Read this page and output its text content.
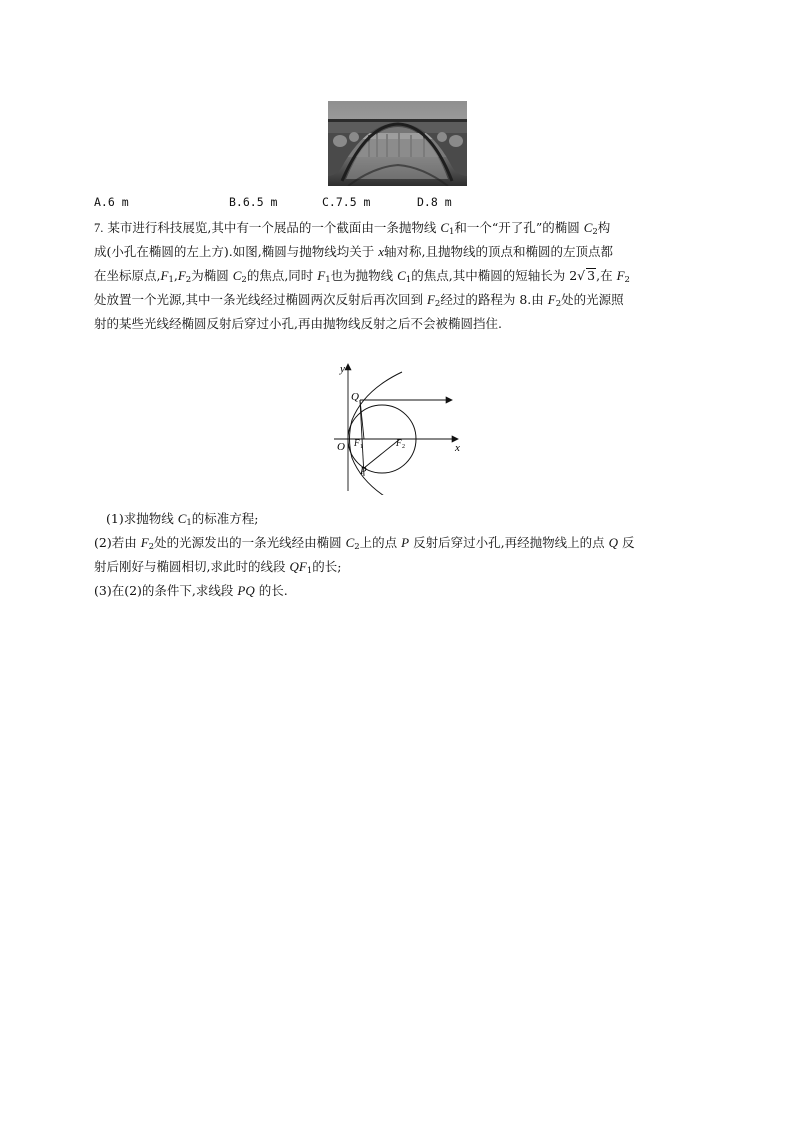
A.6 m	B.6.5 m	C.7.5 m	D.8 m

7. 某市进行科技展览,其中有一个展品的一个截面由一条抛物线 $C_1$和一个“开了孔”的椭圆 $C_2$构

成(小孔在椭圆的左上方).如图,椭圆与抛物线均关于 x轴对称,且抛物线的顶点和椭圆的左顶点都

在坐标原点$,F_1,F_2$为椭圆 $C_2$的焦点,同时 $F_1$也为抛物线 $C_1$的焦点,其中椭圆的短轴长为 2√ 3,在 $F_2$

处放置一个光源,其中一条光线经过椭圆两次反射后再次回到 $F_2$经过的路程为 8.由 $F_2$处的光源照

射的某些光线经椭圆反射后穿过小孔,再由抛物线反射之后不会被椭圆挡住.

y
x
O
Q
P
F 1	F 2

(1)求抛物线 $C_1$的标准方程;

(2)若由 $F_2$处的光源发出的一条光线经由椭圆 $C_2$上的点 P 反射后穿过小孔,再经抛物线上的点 Q 反

射后刚好与椭圆相切,求此时的线段 $QF_1$的长;

(3)在(2)的条件下,求线段 PQ 的长.
